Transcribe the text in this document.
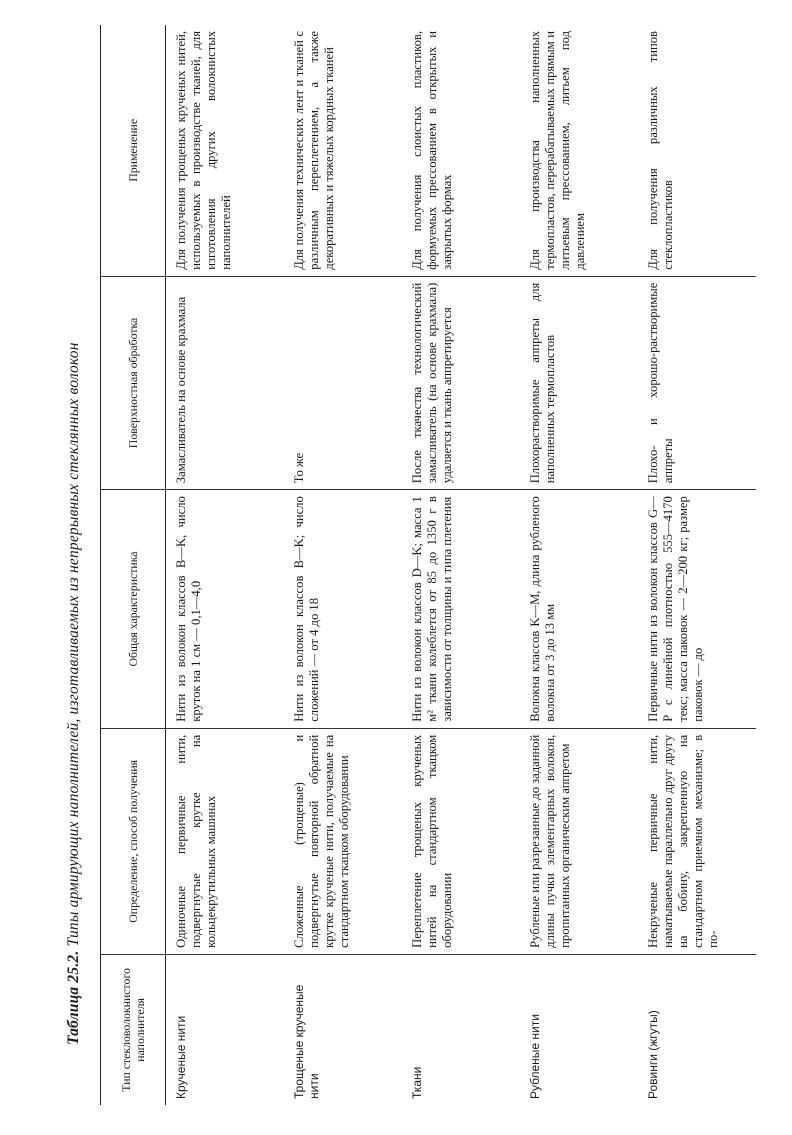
Таблица 25.2. Типы армирующих наполнителей, изготавливаемых из непрерывных стеклянных волокон
Тип стекловолокнистого наполнителя	Определение, способ получения	Общая характеристика	Поверхностная обработка	Применение
Крученые нити	Одиночные первичные нити, подвергнутые крутке на кольцекрутильных машинах	Нити из волокон классов B—K, число круток на 1 см — 0,1—4,0	Замасливатель на основе крахмала	Для получения трощеных крученых нитей, используемых в производстве тканей, для изготовления других волокнистых наполнителей
Трощеные крученые нити	Сложенные (трощеные) и подвергнутые повторной обратной крутке крученые нити, получаемые на стандартном ткацком оборудовании	Нити из волокон классов B—K; число сложений — от 4 до 18	То же	Для получения технических лент и тканей с различным переплетением, а также декоративных и тяжелых кордных тканей
Ткани	Переплетение трощеных крученых нитей на стандартном ткацком оборудовании	Нити из волокон классов D—K; масса 1 м² ткани колеблется от 85 до 1350 г в зависимости от толщины и типа плетения	После ткачества технологический замасливатель (на основе крахмала) удаляется и ткань аппретируется	Для получения слоистых пластиков, формуемых прессованием в открытых и закрытых формах
Рубленые нити	Рубленые или разрезанные до заданной длины пучки элементарных волокон, пропитанных органическим аппретом	Волокна классов K—M, длина рубленого волокна от 3 до 13 мм	Плохорастворимые аппреты для наполненных термопластов	Для производства наполненных термопластов, перерабатываемых прямым и литьевым прессованием, литьем под давлением
Ровинги (жгуты)	Некрученые первичные нити, наматываемые параллельно друг другу на бобину, закрепленную на стандартном приемном механизме; в по-	Первичные нити из волокон классов G—P с линейной плотностью 555—4170 текс; масса паковок — 2—200 кг; размер паковок — до	Плохо- и хорошо-растворимые аппреты	Для получения различных типов стеклопластиков
